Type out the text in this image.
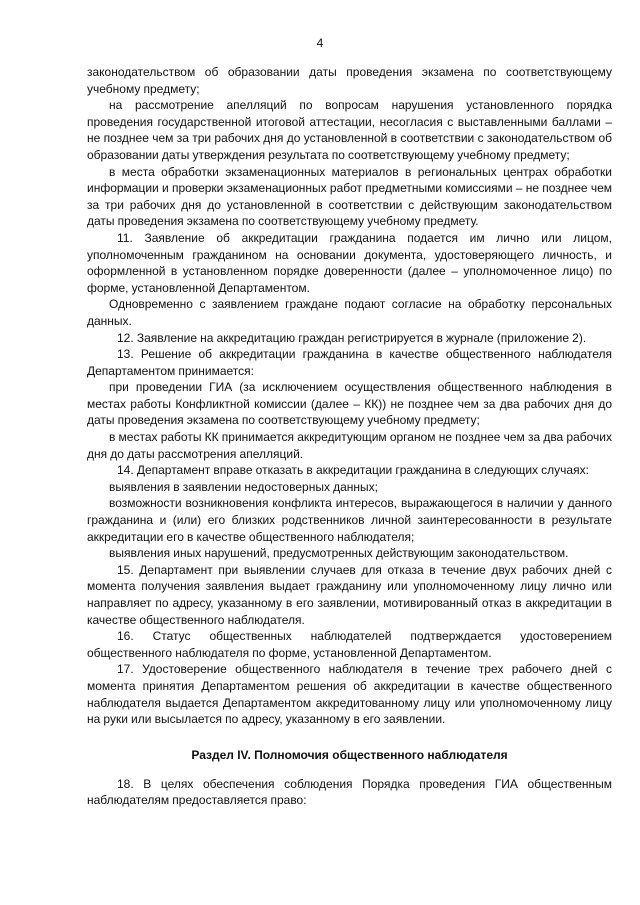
4

законодательством об образовании даты проведения экзамена по соответствующему учебному предмету;

на рассмотрение апелляций по вопросам нарушения установленного порядка проведения государственной итоговой аттестации, несогласия с выставленными баллами – не позднее чем за три рабочих дня до установленной в соответствии с законодательством об образовании даты утверждения результата по соответствующему учебному предмету;

в места обработки экзаменационных материалов в региональных центрах обработки информации и проверки экзаменационных работ предметными комиссиями – не позднее чем за три рабочих дня до установленной в соответствии с действующим законодательством даты проведения экзамена по соответствующему учебному предмету.

11. Заявление об аккредитации гражданина подается им лично или лицом, уполномоченным гражданином на основании документа, удостоверяющего личность, и оформленной в установленном порядке доверенности (далее – уполномоченное лицо) по форме, установленной Департаментом.

Одновременно с заявлением граждане подают согласие на обработку персональных данных.

12. Заявление на аккредитацию граждан регистрируется в журнале (приложение 2).

13. Решение об аккредитации гражданина в качестве общественного наблюдателя Департаментом принимается:

при проведении ГИА (за исключением осуществления общественного наблюдения в местах работы Конфликтной комиссии (далее – КК)) не позднее чем за два рабочих дня до даты проведения экзамена по соответствующему учебному предмету;

в местах работы КК принимается аккредитующим органом не позднее чем за два рабочих дня до даты рассмотрения апелляций.

14. Департамент вправе отказать в аккредитации гражданина в следующих случаях:

выявления в заявлении недостоверных данных;

возможности возникновения конфликта интересов, выражающегося в наличии у данного гражданина и (или) его близких родственников личной заинтересованности в результате аккредитации его в качестве общественного наблюдателя;

выявления иных нарушений, предусмотренных действующим законодательством.

15. Департамент при выявлении случаев для отказа в течение двух рабочих дней с момента получения заявления выдает гражданину или уполномоченному лицу лично или направляет по адресу, указанному в его заявлении, мотивированный отказ в аккредитации в качестве общественного наблюдателя.

16. Статус общественных наблюдателей подтверждается удостоверением общественного наблюдателя по форме, установленной Департаментом.

17. Удостоверение общественного наблюдателя в течение трех рабочего дней с момента принятия Департаментом решения об аккредитации в качестве общественного наблюдателя выдается Департаментом аккредитованному лицу или уполномоченному лицу на руки или высылается по адресу, указанному в его заявлении.

Раздел IV. Полномочия общественного наблюдателя

18. В целях обеспечения соблюдения Порядка проведения ГИА общественным наблюдателям предоставляется право:
